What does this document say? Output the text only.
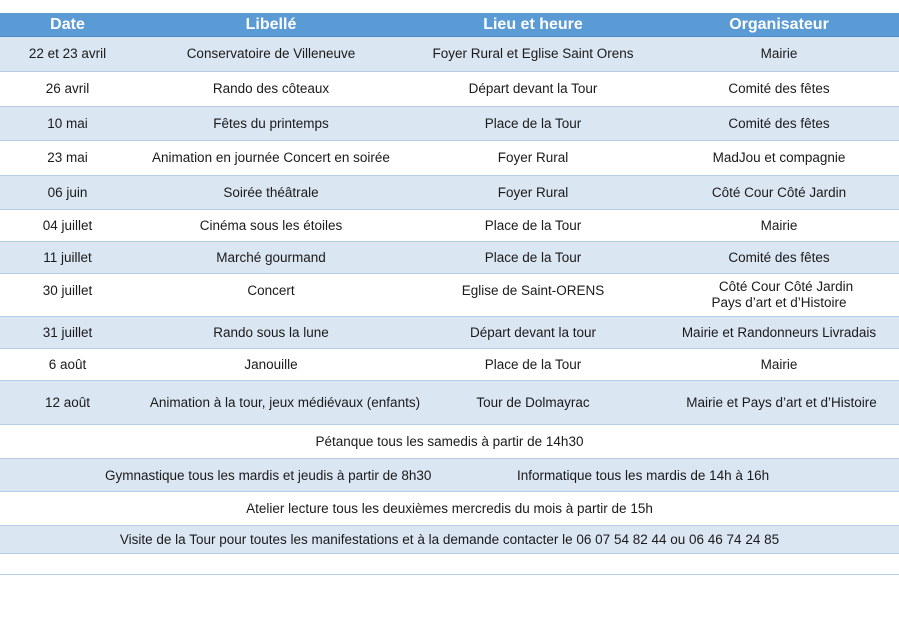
Date	Libellé	Lieu et heure	Organisateur
22 et 23 avril	Conservatoire de Villeneuve	Foyer Rural et Eglise Saint Orens	Mairie
26 avril	Rando des côteaux	Départ devant la Tour	Comité des fêtes
10 mai	Fêtes du printemps	Place de la Tour	Comité des fêtes
23 mai	Animation en journée Concert en soirée	Foyer Rural	MadJou et compagnie
06 juin	Soirée théâtrale	Foyer Rural	Côté Cour Côté Jardin
04 juillet	Cinéma sous les étoiles	Place de la Tour	Mairie
11 juillet	Marché gourmand	Place de la Tour	Comité des fêtes
30 juillet	Concert	Eglise de Saint-ORENS	Côté Cour Côté Jardin
Pays d’art et d’Histoire
31 juillet	Rando sous la lune	Départ devant la tour	Mairie et Randonneurs Livradais
6 août	Janouille	Place de la Tour	Mairie
12 août	Animation à la tour, jeux médiévaux (enfants)	Tour de Dolmayrac	Mairie et Pays d’art et d’Histoire
Pétanque tous les samedis à partir de 14h30
Gymnastique tous les mardis et jeudis à partir de 8h30	Informatique tous les mardis de 14h à 16h
Atelier lecture tous les deuxièmes mercredis du mois à partir de 15h
Visite de la Tour pour toutes les manifestations et à la demande contacter le 06 07 54 82 44 ou 06 46 74 24 85
